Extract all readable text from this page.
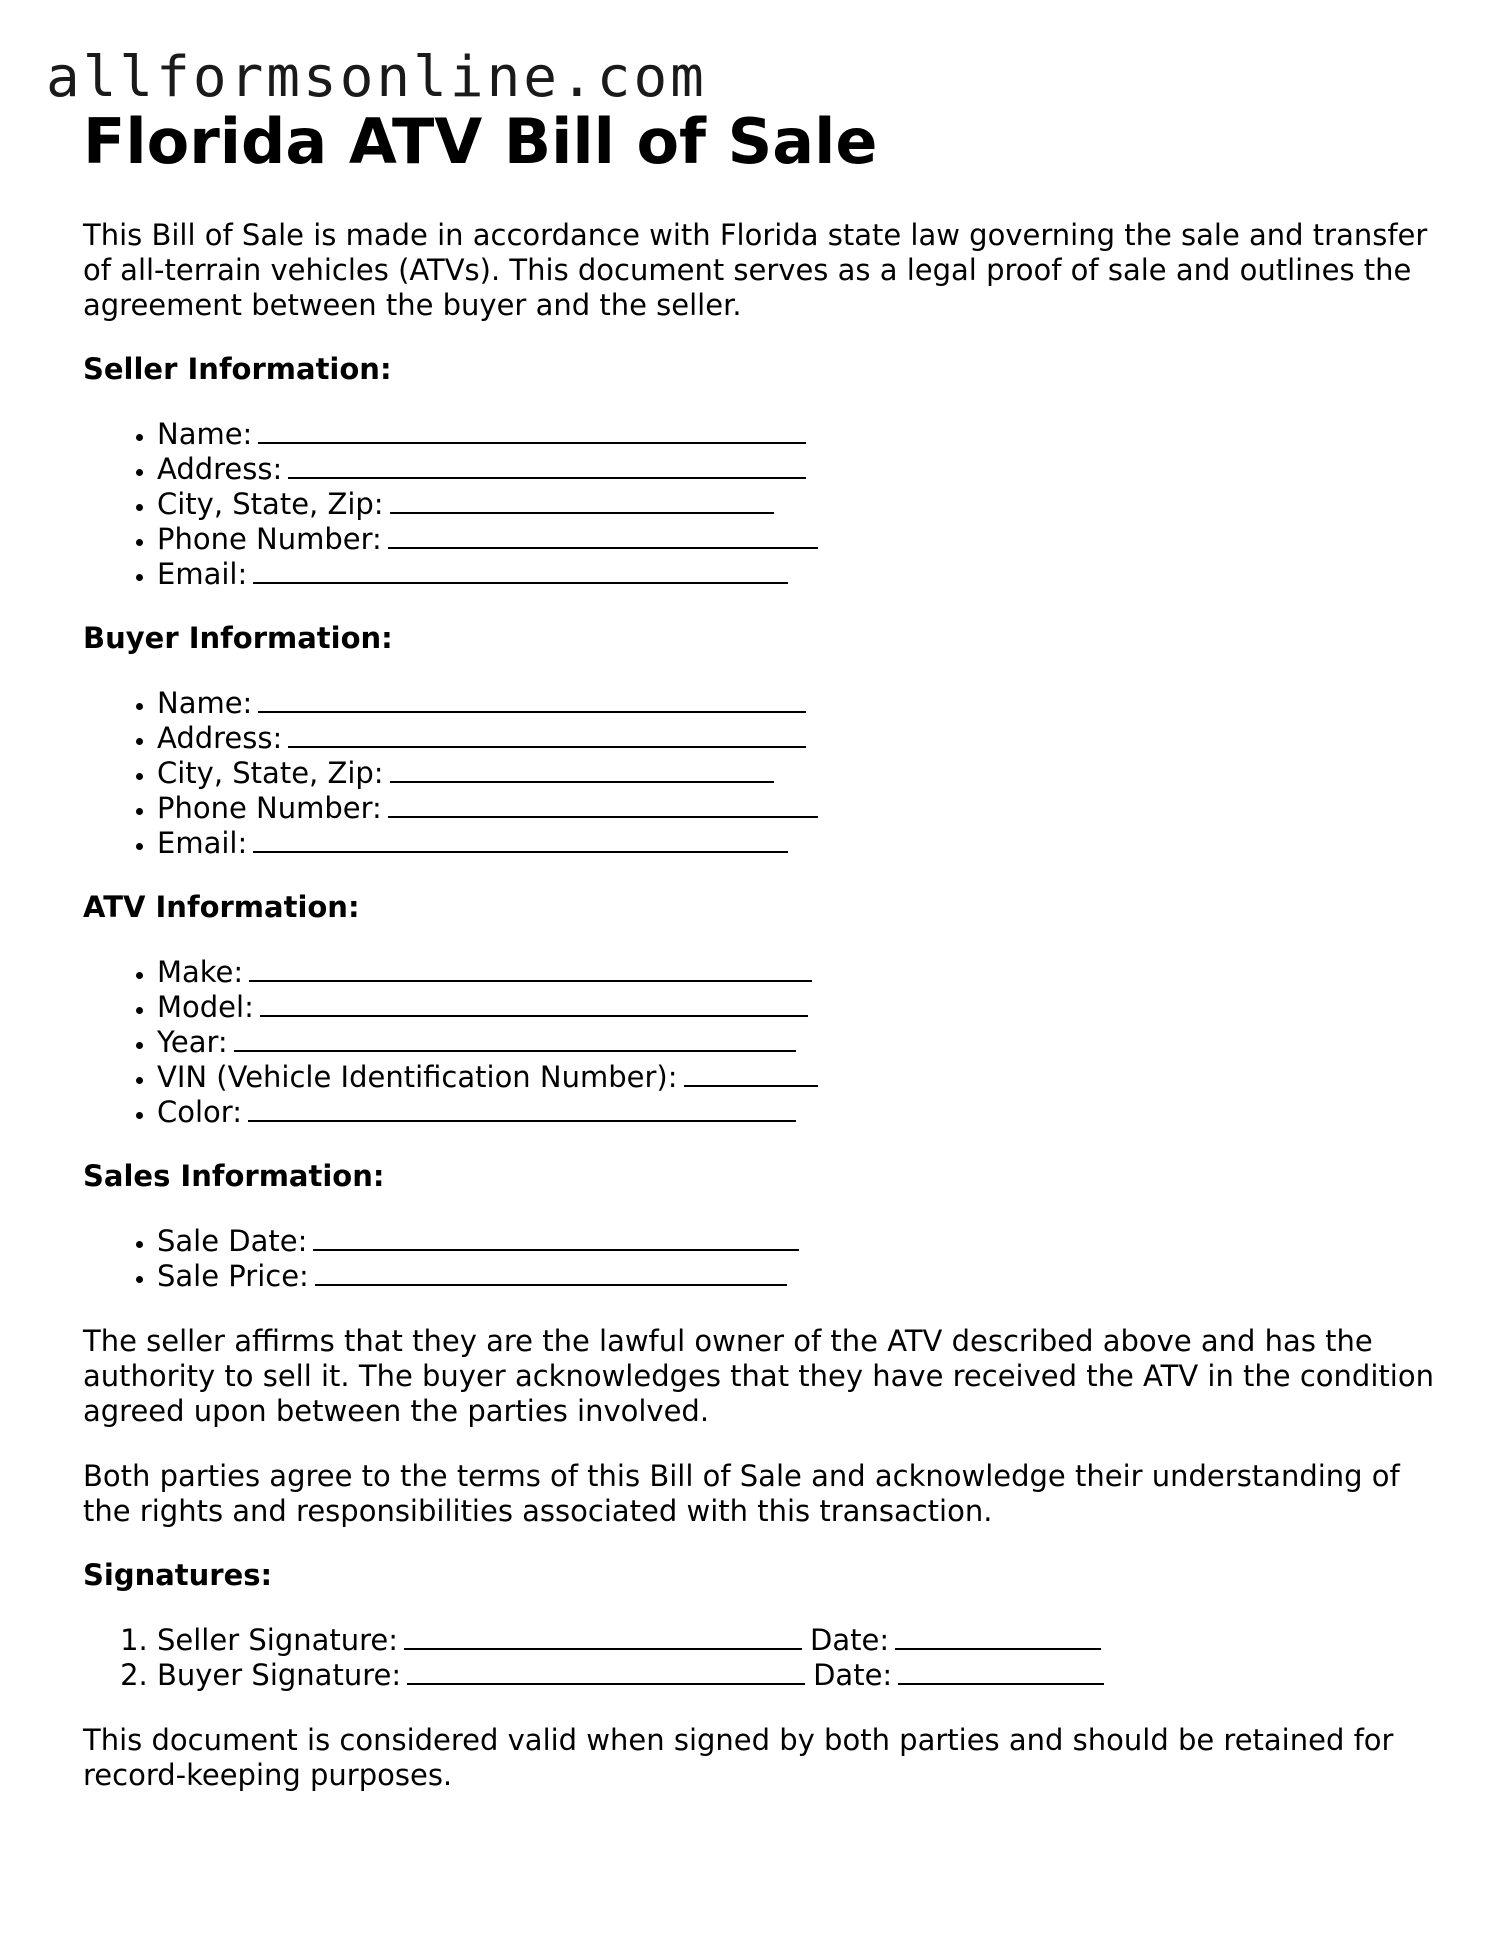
allformsonline.com
Florida ATV Bill of Sale

This Bill of Sale is made in accordance with Florida state law governing the sale and transfer of all-terrain vehicles (ATVs). This document serves as a legal proof of sale and outlines the agreement between the buyer and the seller.

Seller Information:
• Name:
• Address:
• City, State, Zip:
• Phone Number:
• Email:
Buyer Information:
• Name:
• Address:
• City, State, Zip:
• Phone Number:
• Email:
ATV Information:
• Make:
• Model:
• Year:
• VIN (Vehicle Identification Number):
• Color:
Sales Information:
• Sale Date:
• Sale Price:

The seller affirms that they are the lawful owner of the ATV described above and has the authority to sell it. The buyer acknowledges that they have received the ATV in the condition agreed upon between the parties involved.

Both parties agree to the terms of this Bill of Sale and acknowledge their understanding of the rights and responsibilities associated with this transaction.

Signatures:
1. Seller Signature:	Date:
2. Buyer Signature:	Date:

This document is considered valid when signed by both parties and should be retained for record-keeping purposes.
